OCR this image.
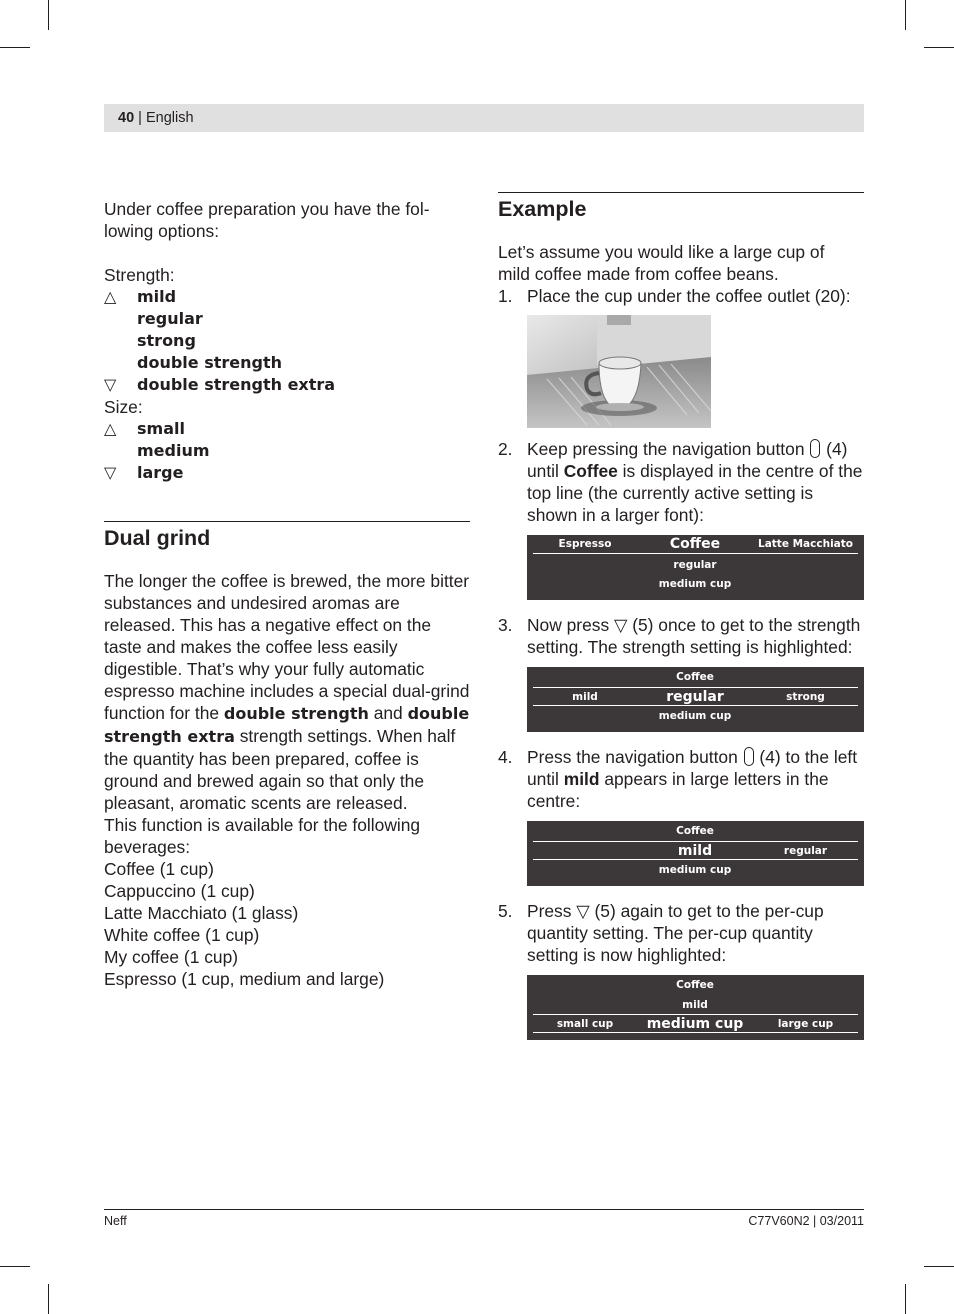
40 | English

Under coffee preparation you have the fol-lowing options:

Strength:

△ mild
regular
strong
double strength
▽ double strength extra

Size:

△ small
medium
▽ large
Dual grind

The longer the coffee is brewed, the more bitter substances and undesired aromas are released. This has a negative effect on the taste and makes the coffee less easily digestible. That’s why your fully automatic espresso machine includes a special dual-grind function for the double strength and double strength extra strength settings. When half the quantity has been prepared, coffee is ground and brewed again so that only the pleasant, aromatic scents are released.

This function is available for the following beverages:

Coffee (1 cup)

Cappuccino (1 cup)

Latte Macchiato (1 glass)

White coffee (1 cup)

My coffee (1 cup)

Espresso (1 cup, medium and large)

Example

Let’s assume you would like a large cup of mild coffee made from coffee beans.

1. Place the cup under the coffee outlet (20):
2. Keep pressing the navigation button  (4) until Coffee is displayed in the centre of the top line (the currently active setting is shown in a larger font):
Espresso	Coffee	Latte Macchiato
regular
medium cup
3. Now press ▽ (5) once to get to the strength setting. The strength setting is highlighted:
Coffee
mild	regular	strong
medium cup
4. Press the navigation button  (4) to the left until mild appears in large letters in the centre:
Coffee
mild	regular
medium cup
5. Press ▽ (5) again to get to the per-cup quantity setting. The per-cup quantity setting is now highlighted:
Coffee
mild
small cup	medium cup	large cup
Neff	C77V60N2 | 03/2011
